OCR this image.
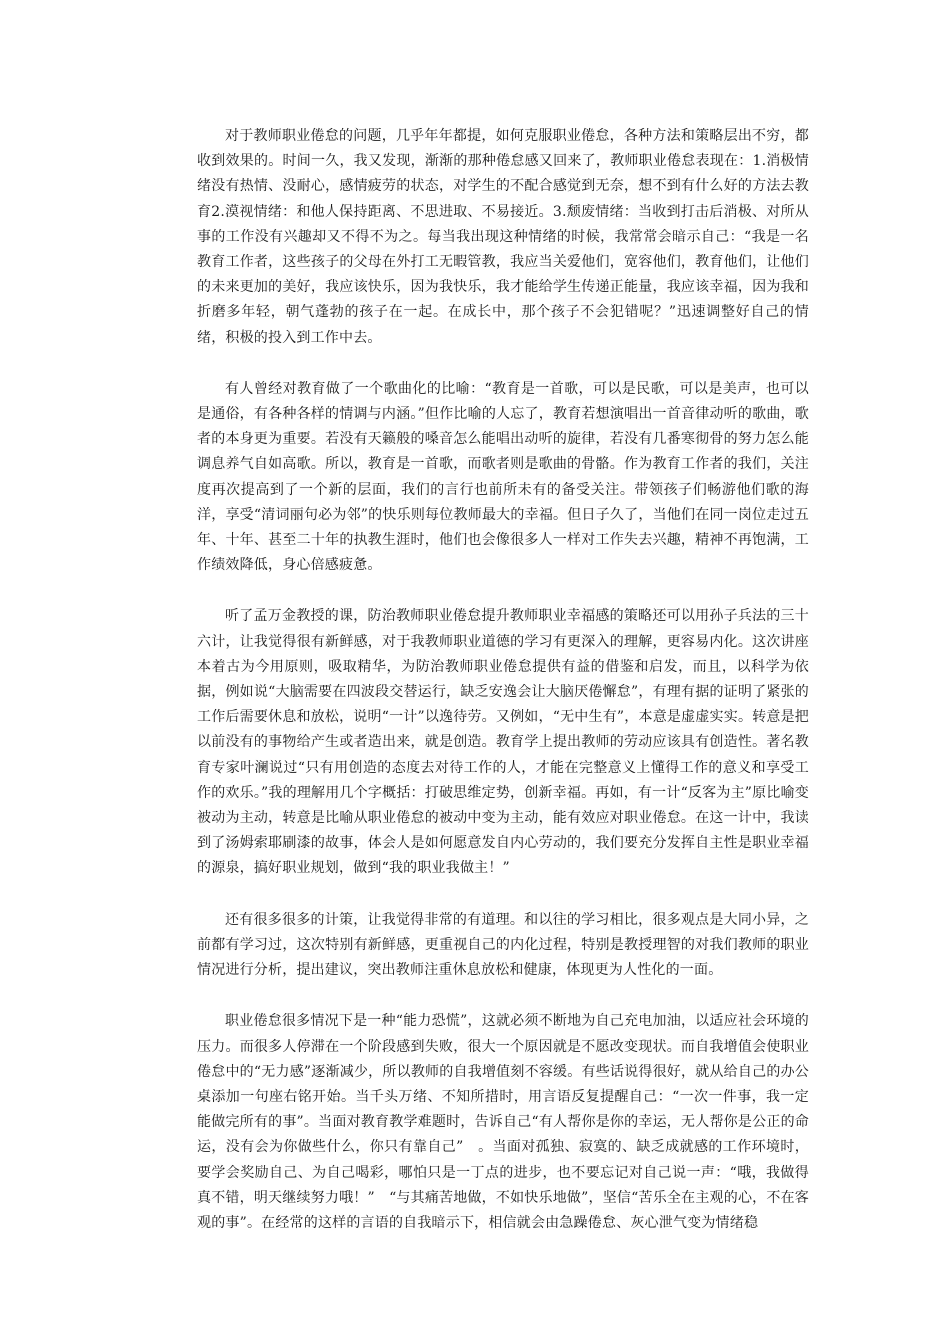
对于教师职业倦怠的问题，几乎年年都提，如何克服职业倦怠，各种方法和策略层出不穷，都收到效果的。时间一久，我又发现，渐渐的那种倦怠感又回来了，教师职业倦怠表现在：1.消极情绪没有热情、没耐心，感情疲劳的状态，对学生的不配合感觉到无奈，想不到有什么好的方法去教育2.漠视情绪：和他人保持距离、不思进取、不易接近。3.颓废情绪：当收到打击后消极、对所从事的工作没有兴趣却又不得不为之。每当我出现这种情绪的时候，我常常会暗示自己：“我是一名教育工作者，这些孩子的父母在外打工无暇管教，我应当关爱他们，宽容他们，教育他们，让他们的未来更加的美好，我应该快乐，因为我快乐，我才能给学生传递正能量，我应该幸福，因为我和折磨多年轻，朝气蓬勃的孩子在一起。在成长中，那个孩子不会犯错呢？”迅速调整好自己的情绪，积极的投入到工作中去。

有人曾经对教育做了一个歌曲化的比喻：“教育是一首歌，可以是民歌，可以是美声，也可以是通俗，有各种各样的情调与内涵。”但作比喻的人忘了，教育若想演唱出一首音律动听的歌曲，歌者的本身更为重要。若没有天籁般的嗓音怎么能唱出动听的旋律，若没有几番寒彻骨的努力怎么能调息养气自如高歌。所以，教育是一首歌，而歌者则是歌曲的骨骼。作为教育工作者的我们，关注度再次提高到了一个新的层面，我们的言行也前所未有的备受关注。带领孩子们畅游他们歌的海洋，享受“清词丽句必为邻”的快乐则每位教师最大的幸福。但日子久了，当他们在同一岗位走过五年、十年、甚至二十年的执教生涯时，他们也会像很多人一样对工作失去兴趣，精神不再饱满，工作绩效降低，身心倍感疲惫。

听了孟万金教授的课，防治教师职业倦怠提升教师职业幸福感的策略还可以用孙子兵法的三十六计，让我觉得很有新鲜感，对于我教师职业道德的学习有更深入的理解，更容易内化。这次讲座本着古为今用原则，吸取精华，为防治教师职业倦怠提供有益的借鉴和启发，而且，以科学为依据，例如说“大脑需要在四波段交替运行，缺乏安逸会让大脑厌倦懈怠”，有理有据的证明了紧张的工作后需要休息和放松，说明“一计”以逸待劳。又例如，“无中生有”，本意是虚虚实实。转意是把以前没有的事物给产生或者造出来，就是创造。教育学上提出教师的劳动应该具有创造性。著名教育专家叶澜说过“只有用创造的态度去对待工作的人，才能在完整意义上懂得工作的意义和享受工作的欢乐。”我的理解用几个字概括：打破思维定势，创新幸福。再如，有一计“反客为主”原比喻变被动为主动，转意是比喻从职业倦怠的被动中变为主动，能有效应对职业倦怠。在这一计中，我读到了汤姆索耶刷漆的故事，体会人是如何愿意发自内心劳动的，我们要充分发挥自主性是职业幸福的源泉，搞好职业规划，做到“我的职业我做主！”

还有很多很多的计策，让我觉得非常的有道理。和以往的学习相比，很多观点是大同小异，之前都有学习过，这次特别有新鲜感，更重视自己的内化过程，特别是教授理智的对我们教师的职业情况进行分析，提出建议，突出教师注重休息放松和健康，体现更为人性化的一面。

职业倦怠很多情况下是一种“能力恐慌”，这就必须不断地为自己充电加油，以适应社会环境的压力。而很多人停滞在一个阶段感到失败，很大一个原因就是不愿改变现状。而自我增值会使职业倦怠中的“无力感”逐渐减少，所以教师的自我增值刻不容缓。有些话说得很好，就从给自己的办公桌添加一句座右铭开始。当千头万绪、不知所措时，用言语反复提醒自己：“一次一件事，我一定能做完所有的事”。当面对教育教学难题时，告诉自己“有人帮你是你的幸运，无人帮你是公正的命运，没有会为你做些什么，你只有靠自己”　。当面对孤独、寂寞的、缺乏成就感的工作环境时，要学会奖励自己、为自己喝彩，哪怕只是一丁点的进步，也不要忘记对自己说一声：“哦，我做得真不错，明天继续努力哦！”　“与其痛苦地做，不如快乐地做”，坚信“苦乐全在主观的心，不在客观的事”。在经常的这样的言语的自我暗示下，相信就会由急躁倦怠、灰心泄气变为情绪稳
